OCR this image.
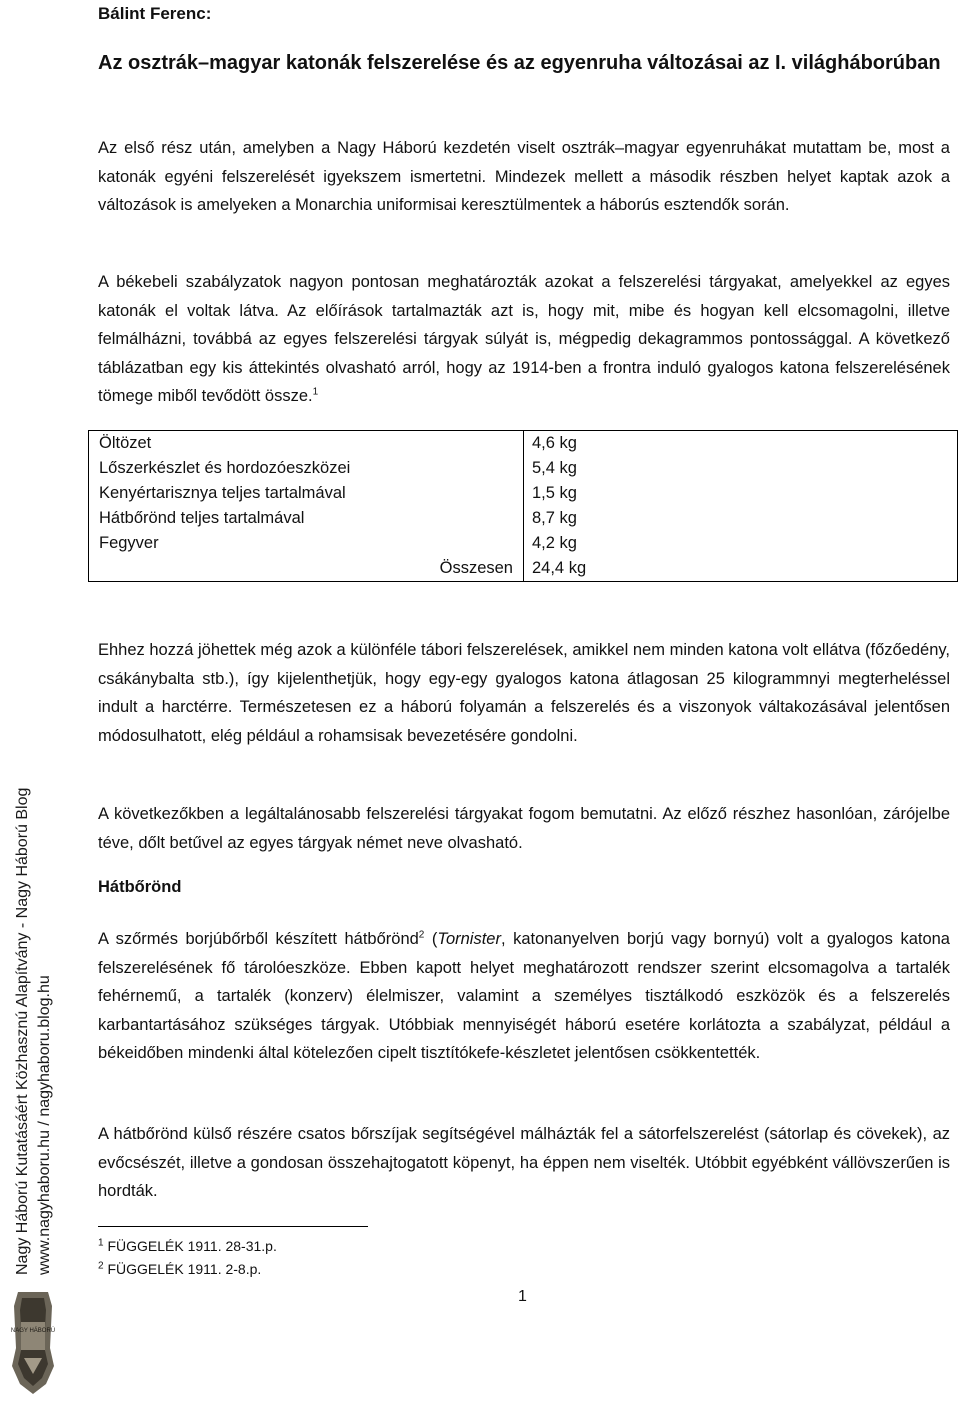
Bálint Ferenc:
Az osztrák–magyar katonák felszerelése és az egyenruha változásai az I. világháborúban
Az első rész után, amelyben a Nagy Háború kezdetén viselt osztrák–magyar egyenruhákat mutattam be, most a katonák egyéni felszerelését igyekszem ismertetni. Mindezek mellett a második részben helyet kaptak azok a változások is amelyeken a Monarchia uniformisai keresztülmentek a háborús esztendők során.
A békebeli szabályzatok nagyon pontosan meghatározták azokat a felszerelési tárgyakat, amelyekkel az egyes katonák el voltak látva. Az előírások tartalmazták azt is, hogy mit, mibe és hogyan kell elcsomagolni, illetve felmálházni, továbbá az egyes felszerelési tárgyak súlyát is, mégpedig dekagrammos pontossággal. A következő táblázatban egy kis áttekintés olvasható arról, hogy az 1914-ben a frontra induló gyalogos katona felszerelésének tömege miből tevődött össze.$^1$
Öltözet	4,6 kg
Lőszerkészlet és hordozóeszközei	5,4 kg
Kenyértarisznya teljes tartalmával	1,5 kg
Hátbőrönd teljes tartalmával	8,7 kg
Fegyver	4,2 kg
Összesen	24,4 kg
Ehhez hozzá jöhettek még azok a különféle tábori felszerelések, amikkel nem minden katona volt ellátva (főzőedény, csákánybalta stb.), így kijelenthetjük, hogy egy-egy gyalogos katona átlagosan 25 kilogrammnyi megterheléssel indult a harctérre. Természetesen ez a háború folyamán a felszerelés és a viszonyok váltakozásával jelentősen módosulhatott, elég például a rohamsisak bevezetésére gondolni.
A következőkben a legáltalánosabb felszerelési tárgyakat fogom bemutatni. Az előző részhez hasonlóan, zárójelbe téve, dőlt betűvel az egyes tárgyak német neve olvasható.
Hátbőrönd
A szőrmés borjúbőrből készített hátbőrönd$^2$ (Tornister, katonanyelven borjú vagy bornyú) volt a gyalogos katona felszerelésének fő tárolóeszköze. Ebben kapott helyet meghatározott rendszer szerint elcsomagolva a tartalék fehérnemű, a tartalék (konzerv) élelmiszer, valamint a személyes tisztálkodó eszközök és a felszerelés karbantartásához szükséges tárgyak. Utóbbiak mennyiségét háború esetére korlátozta a szabályzat, például a békeidőben mindenki által kötelezően cipelt tisztítókefe-készletet jelentősen csökkentették.
A hátbőrönd külső részére csatos bőrszíjak segítségével málházták fel a sátorfelszerelést (sátorlap és cövekek), az evőcsészét, illetve a gondosan összehajtogatott köpenyt, ha éppen nem viselték. Utóbbit egyébként vállövszerűen is hordták.
$^1$ FÜGGELÉK 1911. 28-31.p.
$^2$ FÜGGELÉK 1911. 2-8.p.
1
Nagy Háború Kutatásáért Közhasznú Alapítvány - Nagy Háború Blog www.nagyhaboru.hu / nagyhaboru.blog.hu
NAGY HÁBORÚ
